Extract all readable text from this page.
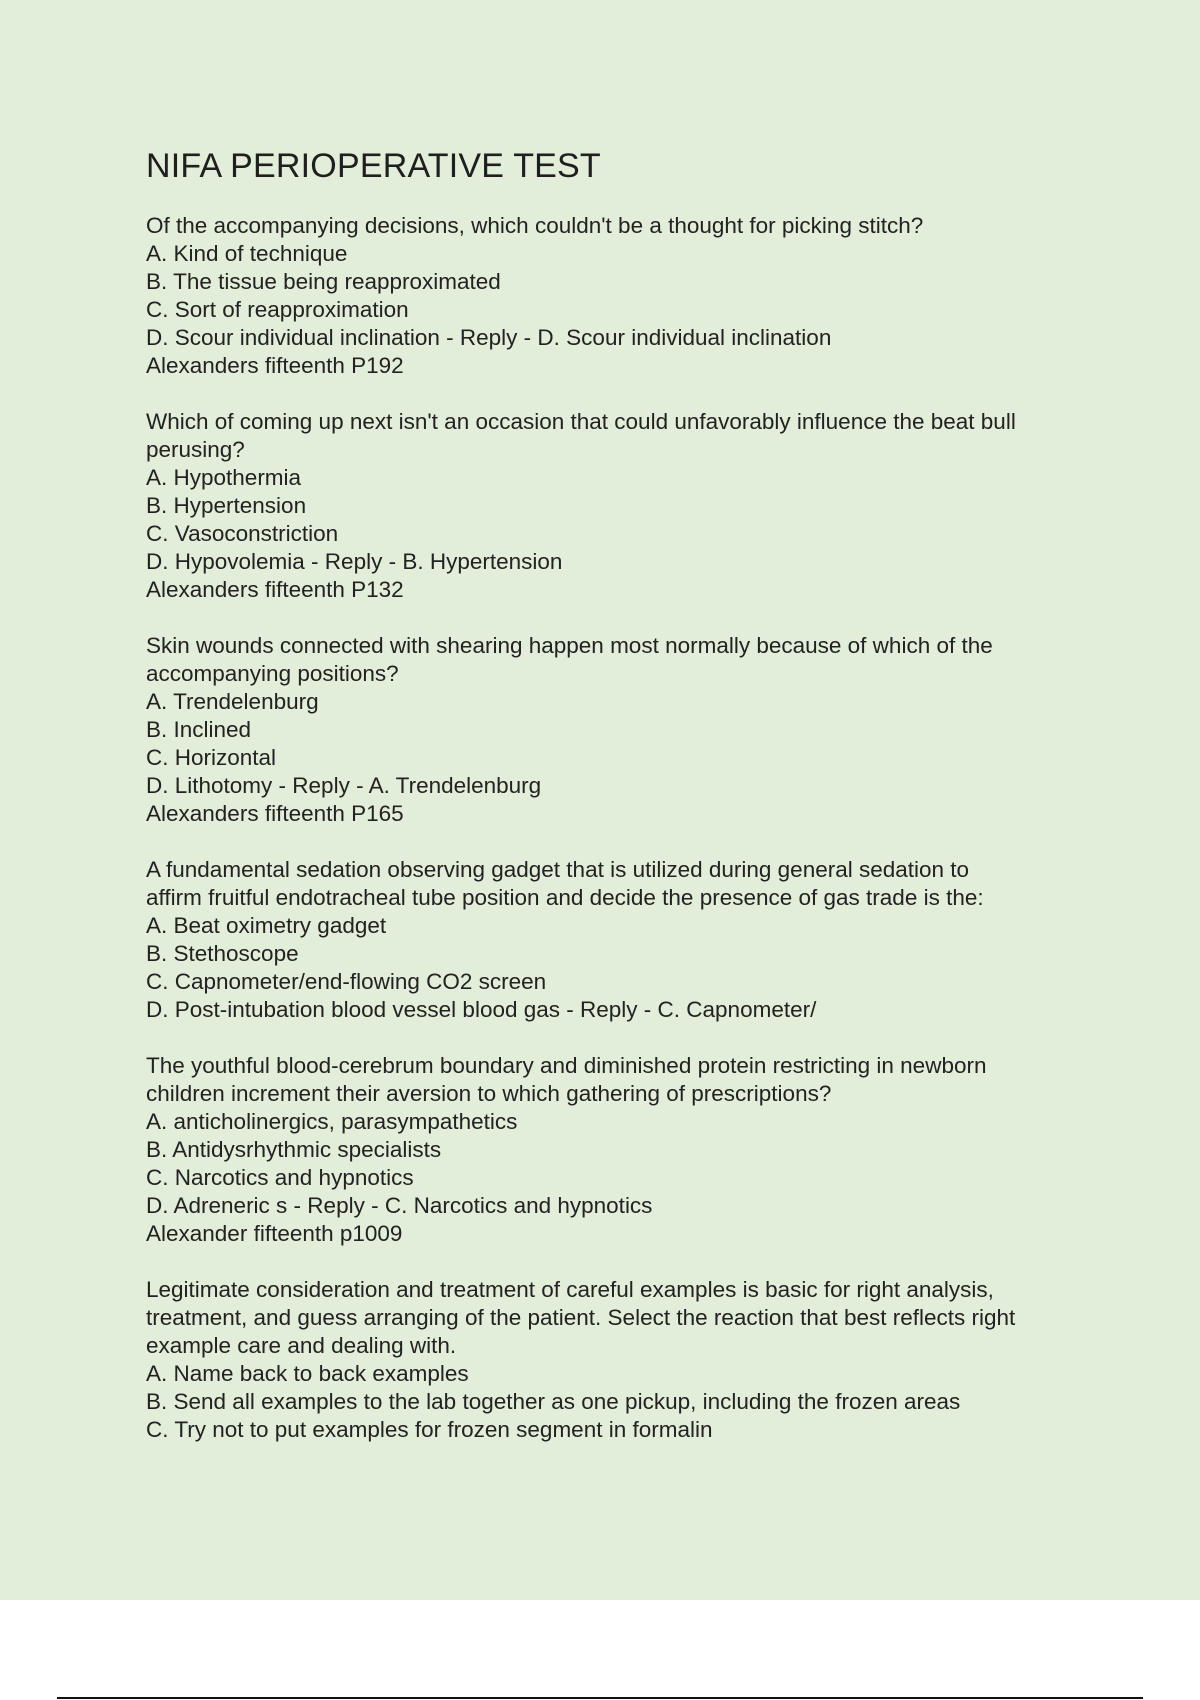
NIFA PERIOPERATIVE TEST

Of the accompanying decisions, which couldn't be a thought for picking stitch?

A. Kind of technique

B. The tissue being reapproximated

C. Sort of reapproximation

D. Scour individual inclination - Reply - D. Scour individual inclination

Alexanders fifteenth P192

Which of coming up next isn't an occasion that could unfavorably influence the beat bull

perusing?

A. Hypothermia

B. Hypertension

C. Vasoconstriction

D. Hypovolemia - Reply - B. Hypertension

Alexanders fifteenth P132

Skin wounds connected with shearing happen most normally because of which of the

accompanying positions?

A. Trendelenburg

B. Inclined

C. Horizontal

D. Lithotomy - Reply - A. Trendelenburg

Alexanders fifteenth P165

A fundamental sedation observing gadget that is utilized during general sedation to

affirm fruitful endotracheal tube position and decide the presence of gas trade is the:

A. Beat oximetry gadget

B. Stethoscope

C. Capnometer/end-flowing CO2 screen

D. Post-intubation blood vessel blood gas - Reply - C. Capnometer/

The youthful blood-cerebrum boundary and diminished protein restricting in newborn

children increment their aversion to which gathering of prescriptions?

A. anticholinergics, parasympathetics

B. Antidysrhythmic specialists

C. Narcotics and hypnotics

D. Adreneric s - Reply - C. Narcotics and hypnotics

Alexander fifteenth p1009

Legitimate consideration and treatment of careful examples is basic for right analysis,

treatment, and guess arranging of the patient. Select the reaction that best reflects right

example care and dealing with.

A. Name back to back examples

B. Send all examples to the lab together as one pickup, including the frozen areas

C. Try not to put examples for frozen segment in formalin
